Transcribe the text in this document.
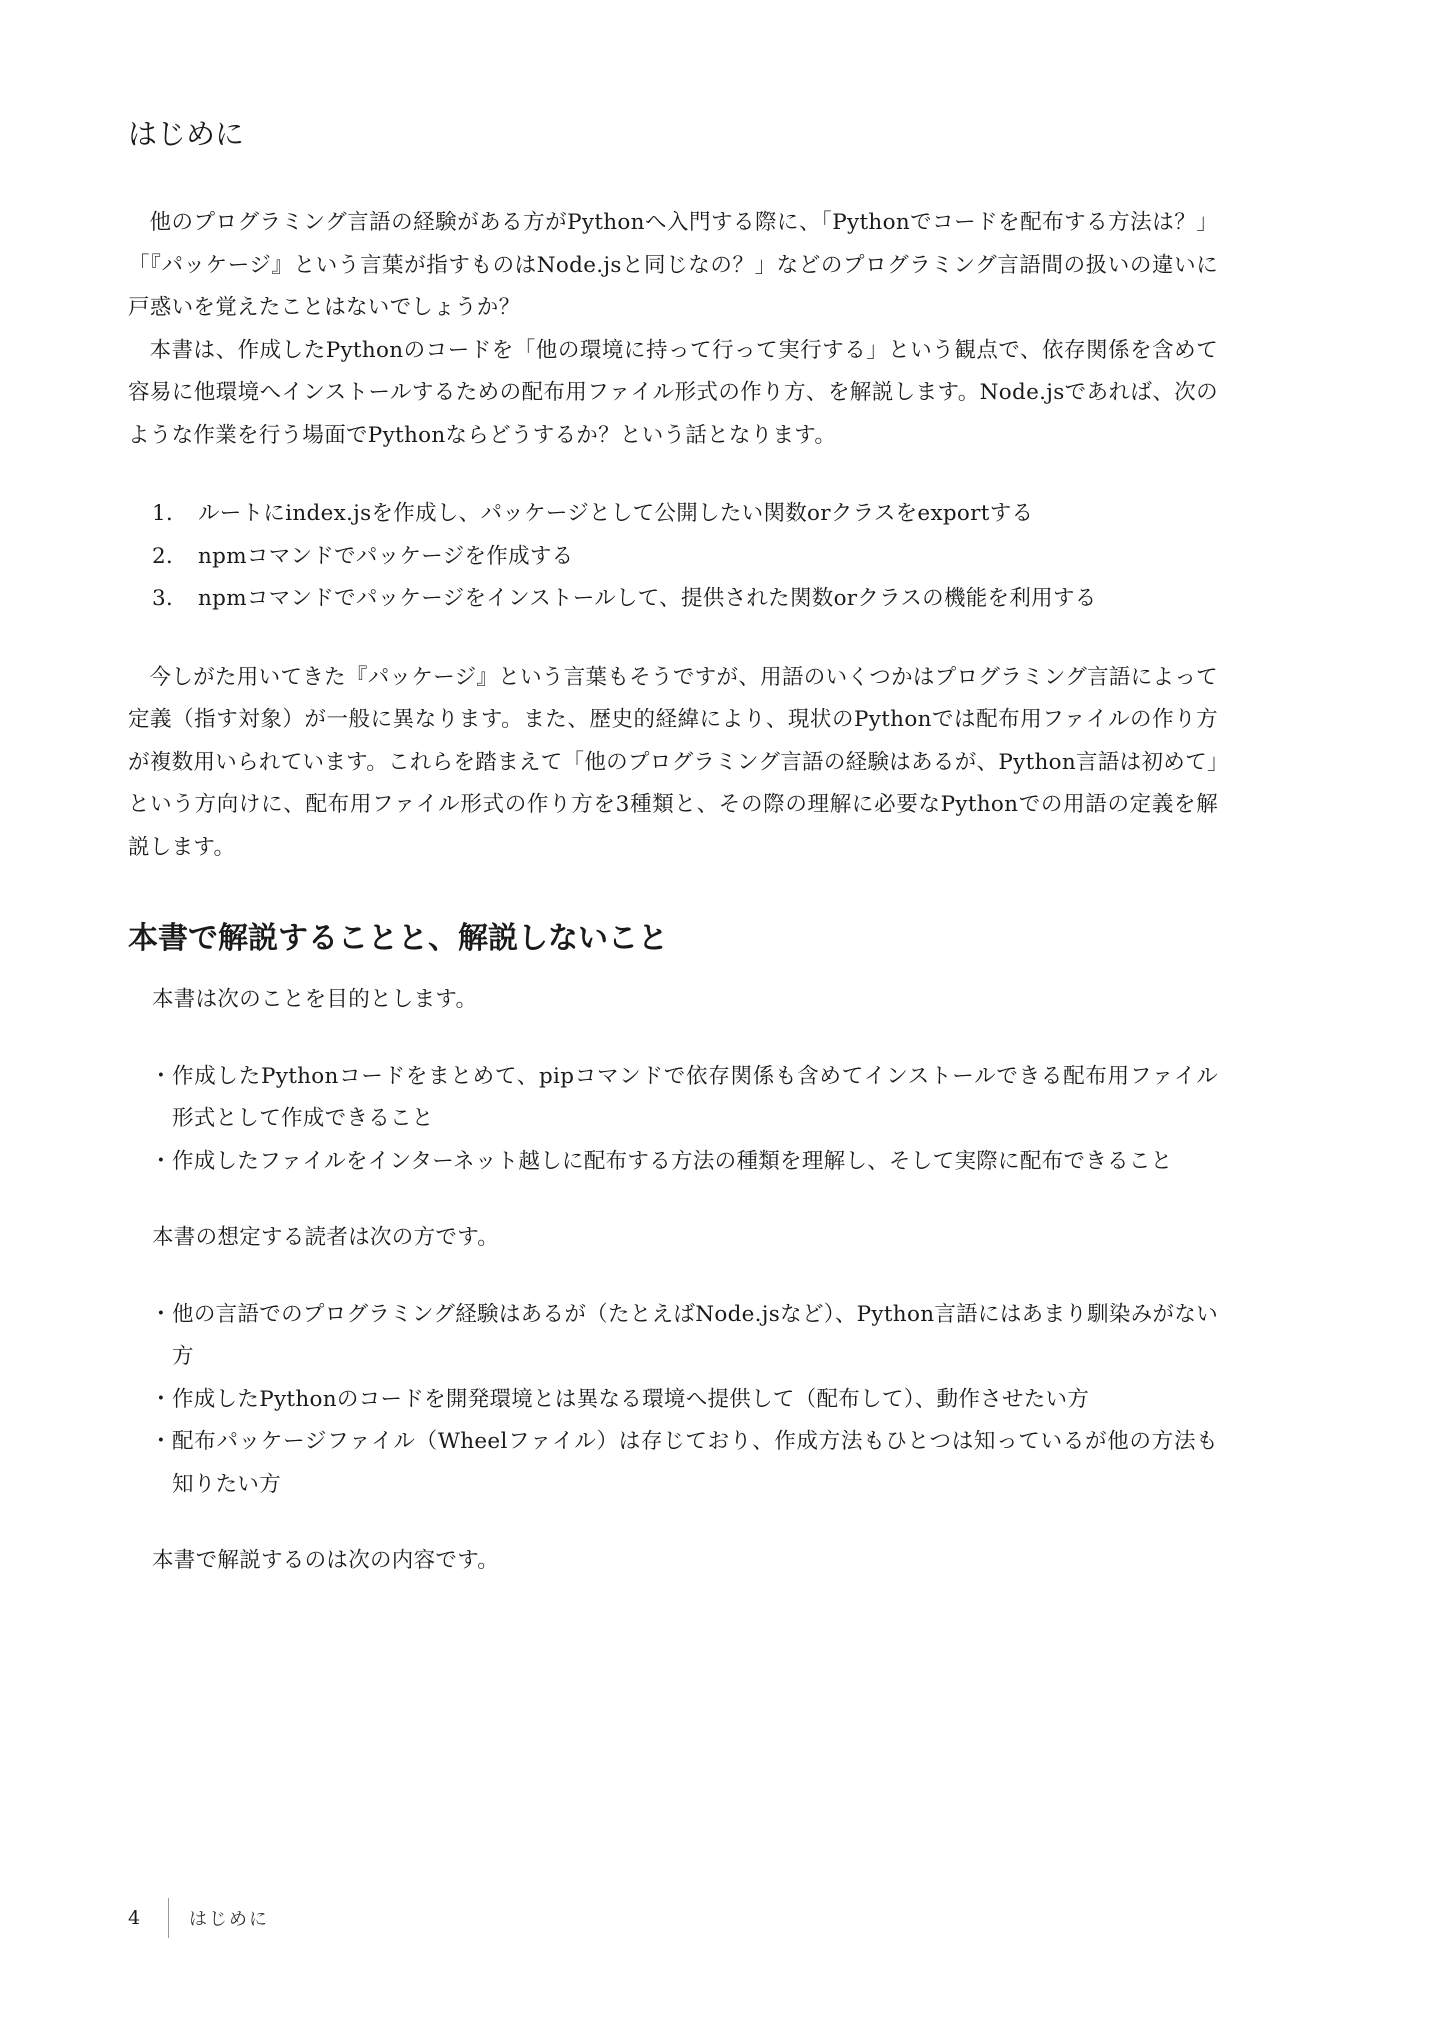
はじめに

他のプログラミング言語の経験がある方がPythonへ入門する際に、「Pythonでコードを配布する方法は？」「『パッケージ』という言葉が指すものはNode.jsと同じなの？」などのプログラミング言語間の扱いの違いに戸惑いを覚えたことはないでしょうか？

本書は、作成したPythonのコードを「他の環境に持って行って実行する」という観点で、依存関係を含めて容易に他環境へインストールするための配布用ファイル形式の作り方、を解説します。Node.jsであれば、次のような作業を行う場面でPythonならどうするか？という話となります。

1． ルートにindex.jsを作成し、パッケージとして公開したい関数orクラスをexportする
2． npmコマンドでパッケージを作成する
3． npmコマンドでパッケージをインストールして、提供された関数orクラスの機能を利用する

今しがた用いてきた『パッケージ』という言葉もそうですが、用語のいくつかはプログラミング言語によって定義（指す対象）が一般に異なります。また、歴史的経緯により、現状のPythonでは配布用ファイルの作り方が複数用いられています。これらを踏まえて「他のプログラミング言語の経験はあるが、Python言語は初めて」という方向けに、配布用ファイル形式の作り方を3種類と、その際の理解に必要なPythonでの用語の定義を解説します。

本書で解説することと、解説しないこと

本書は次のことを目的とします。

・ 作成したPythonコードをまとめて、pipコマンドで依存関係も含めてインストールできる配布用ファイル形式として作成できること
・ 作成したファイルをインターネット越しに配布する方法の種類を理解し、そして実際に配布できること

本書の想定する読者は次の方です。

・ 他の言語でのプログラミング経験はあるが（たとえばNode.jsなど）、Python言語にはあまり馴染みがない方
・ 作成したPythonのコードを開発環境とは異なる環境へ提供して（配布して）、動作させたい方
・ 配布パッケージファイル（Wheelファイル）は存じており、作成方法もひとつは知っているが他の方法も知りたい方

本書で解説するのは次の内容です。

4	はじめに
